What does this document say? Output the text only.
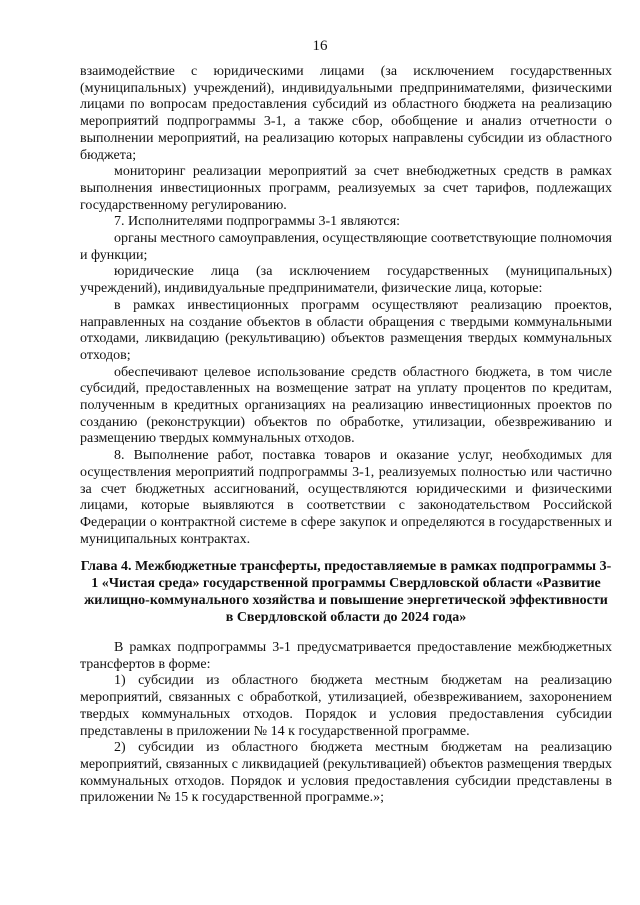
16

взаимодействие с юридическими лицами (за исключением государственных (муниципальных) учреждений), индивидуальными предпринимателями, физическими лицами по вопросам предоставления субсидий из областного бюджета на реализацию мероприятий подпрограммы 3-1, а также сбор, обобщение и анализ отчетности о выполнении мероприятий, на реализацию которых направлены субсидии из областного бюджета;

мониторинг реализации мероприятий за счет внебюджетных средств в рамках выполнения инвестиционных программ, реализуемых за счет тарифов, подлежащих государственному регулированию.

7. Исполнителями подпрограммы 3-1 являются:

органы местного самоуправления, осуществляющие соответствующие полномочия и функции;

юридические лица (за исключением государственных (муниципальных) учреждений), индивидуальные предприниматели, физические лица, которые:

в рамках инвестиционных программ осуществляют реализацию проектов, направленных на создание объектов в области обращения с твердыми коммунальными отходами, ликвидацию (рекультивацию) объектов размещения твердых коммунальных отходов;

обеспечивают целевое использование средств областного бюджета, в том числе субсидий, предоставленных на возмещение затрат на уплату процентов по кредитам, полученным в кредитных организациях на реализацию инвестиционных проектов по созданию (реконструкции) объектов по обработке, утилизации, обезвреживанию и размещению твердых коммунальных отходов.

8. Выполнение работ, поставка товаров и оказание услуг, необходимых для осуществления мероприятий подпрограммы 3-1, реализуемых полностью или частично за счет бюджетных ассигнований, осуществляются юридическими и физическими лицами, которые выявляются в соответствии с законодательством Российской Федерации о контрактной системе в сфере закупок и определяются в государственных и муниципальных контрактах.

Глава 4. Межбюджетные трансферты, предоставляемые в рамках подпрограммы 3-1 «Чистая среда» государственной программы Свердловской области «Развитие жилищно-коммунального хозяйства и повышение энергетической эффективности в Свердловской области до 2024 года»

В рамках подпрограммы 3-1 предусматривается предоставление межбюджетных трансфертов в форме:

1) субсидии из областного бюджета местным бюджетам на реализацию мероприятий, связанных с обработкой, утилизацией, обезвреживанием, захоронением твердых коммунальных отходов. Порядок и условия предоставления субсидии представлены в приложении № 14 к государственной программе.

2) субсидии из областного бюджета местным бюджетам на реализацию мероприятий, связанных с ликвидацией (рекультивацией) объектов размещения твердых коммунальных отходов. Порядок и условия предоставления субсидии представлены в приложении № 15 к государственной программе.»;
